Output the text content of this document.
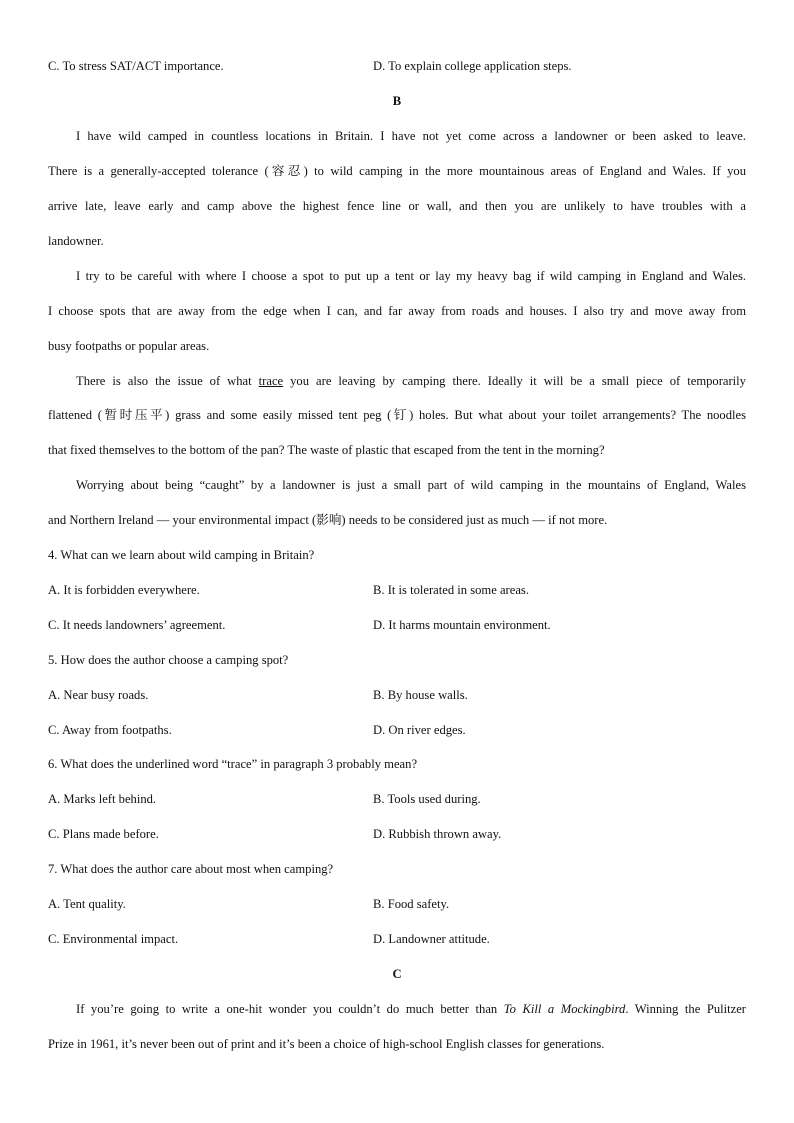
C. To stress SAT/ACT importance.	D. To explain college application steps.
B
I have wild camped in countless locations in Britain. I have not yet come across a landowner or been asked to leave.
There is a generally-accepted tolerance (容忍) to wild camping in the more mountainous areas of England and Wales. If you
arrive late, leave early and camp above the highest fence line or wall, and then you are unlikely to have troubles with a
landowner.
I try to be careful with where I choose a spot to put up a tent or lay my heavy bag if wild camping in England and Wales.
I choose spots that are away from the edge when I can, and far away from roads and houses. I also try and move away from
busy footpaths or popular areas.
There is also the issue of what trace you are leaving by camping there. Ideally it will be a small piece of temporarily
flattened (暂时压平) grass and some easily missed tent peg (钉) holes. But what about your toilet arrangements? The noodles
that fixed themselves to the bottom of the pan? The waste of plastic that escaped from the tent in the morning?
Worrying about being “caught” by a landowner is just a small part of wild camping in the mountains of England, Wales
and Northern Ireland — your environmental impact (影响) needs to be considered just as much — if not more.
4. What can we learn about wild camping in Britain?
A. It is forbidden everywhere.	B. It is tolerated in some areas.
C. It needs landowners’ agreement.	D. It harms mountain environment.
5. How does the author choose a camping spot?
A. Near busy roads.	B. By house walls.
C. Away from footpaths.	D. On river edges.
6. What does the underlined word “trace” in paragraph 3 probably mean?
A. Marks left behind.	B. Tools used during.
C. Plans made before.	D. Rubbish thrown away.
7. What does the author care about most when camping?
A. Tent quality.	B. Food safety.
C. Environmental impact.	D. Landowner attitude.
C
If you’re going to write a one-hit wonder you couldn’t do much better than To Kill a Mockingbird. Winning the Pulitzer
Prize in 1961, it’s never been out of print and it’s been a choice of high-school English classes for generations.
